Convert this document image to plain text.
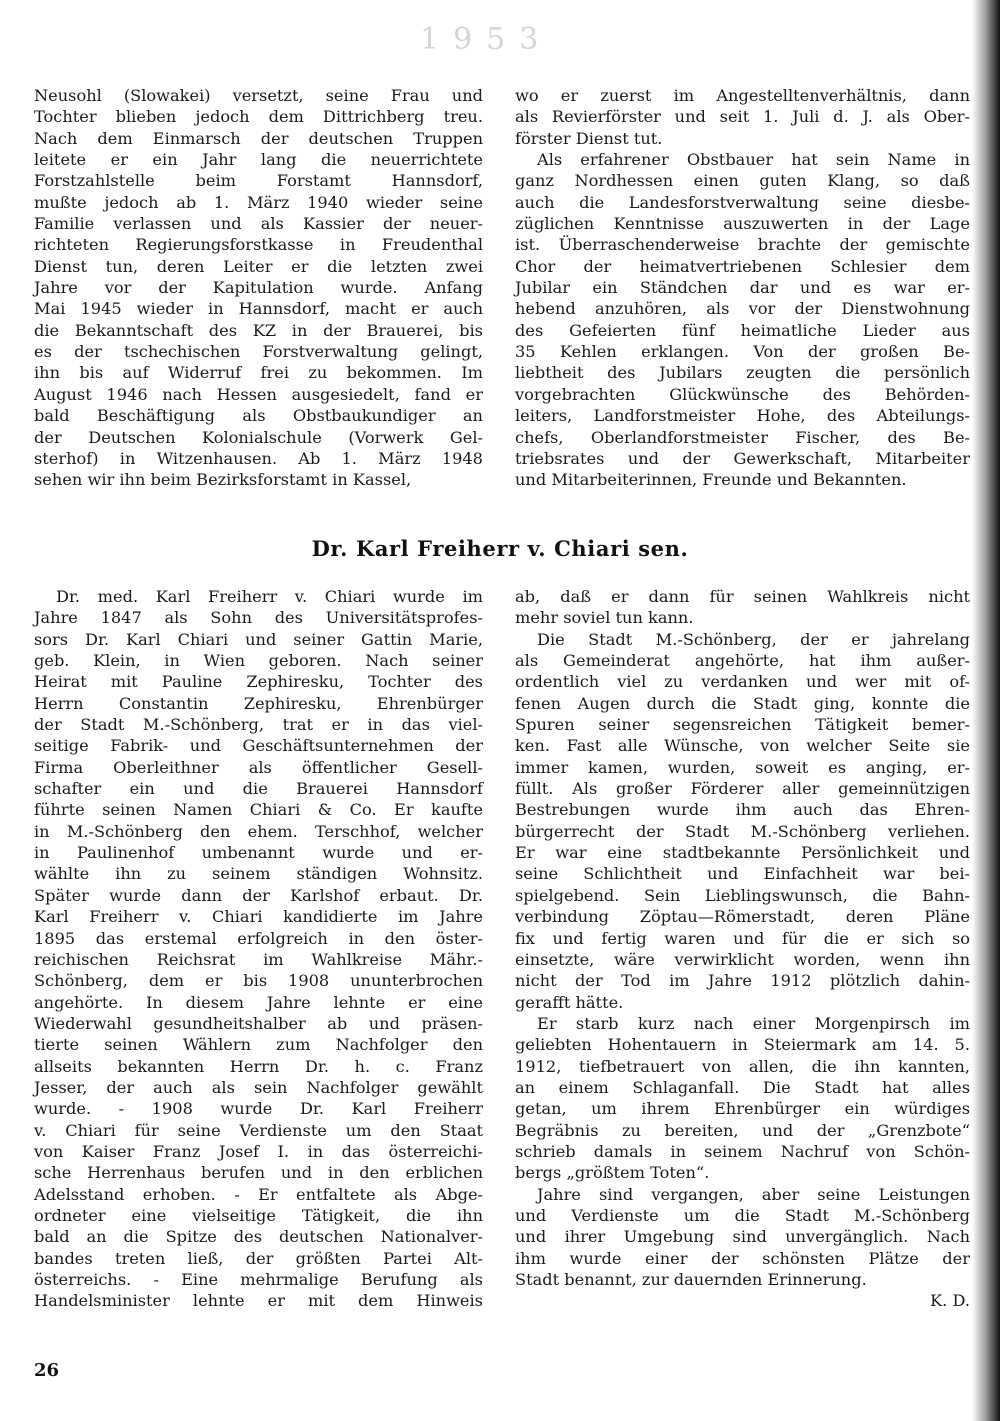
1953
Neusohl (Slowakei) versetzt, seine Frau und
Tochter blieben jedoch dem Dittrichberg treu.
Nach dem Einmarsch der deutschen Truppen
leitete er ein Jahr lang die neuerrichtete
Forstzahlstelle beim Forstamt Hannsdorf,
mußte jedoch ab 1. März 1940 wieder seine
Familie verlassen und als Kassier der neuer-
richteten Regierungsforstkasse in Freudenthal
Dienst tun, deren Leiter er die letzten zwei
Jahre vor der Kapitulation wurde. Anfang
Mai 1945 wieder in Hannsdorf, macht er auch
die Bekanntschaft des KZ in der Brauerei, bis
es der tschechischen Forstverwaltung gelingt,
ihn bis auf Widerruf frei zu bekommen. Im
August 1946 nach Hessen ausgesiedelt, fand er
bald Beschäftigung als Obstbaukundiger an
der Deutschen Kolonialschule (Vorwerk Gel-
sterhof) in Witzenhausen. Ab 1. März 1948
sehen wir ihn beim Bezirksforstamt in Kassel,
wo er zuerst im Angestelltenverhältnis, dann
als Revierförster und seit 1. Juli d. J. als Ober-
förster Dienst tut.
Als erfahrener Obstbauer hat sein Name in
ganz Nordhessen einen guten Klang, so daß
auch die Landesforstverwaltung seine diesbe-
züglichen Kenntnisse auszuwerten in der Lage
ist. Überraschenderweise brachte der gemischte
Chor der heimatvertriebenen Schlesier dem
Jubilar ein Ständchen dar und es war er-
hebend anzuhören, als vor der Dienstwohnung
des Gefeierten fünf heimatliche Lieder aus
35 Kehlen erklangen. Von der großen Be-
liebtheit des Jubilars zeugten die persönlich
vorgebrachten Glückwünsche des Behörden-
leiters, Landforstmeister Hohe, des Abteilungs-
chefs, Oberlandforstmeister Fischer, des Be-
triebsrates und der Gewerkschaft, Mitarbeiter
und Mitarbeiterinnen, Freunde und Bekannten.
Dr. Karl Freiherr v. Chiari sen.
Dr. med. Karl Freiherr v. Chiari wurde im
Jahre 1847 als Sohn des Universitätsprofes-
sors Dr. Karl Chiari und seiner Gattin Marie,
geb. Klein, in Wien geboren. Nach seiner
Heirat mit Pauline Zephiresku, Tochter des
Herrn Constantin Zephiresku, Ehrenbürger
der Stadt M.-Schönberg, trat er in das viel-
seitige Fabrik- und Geschäftsunternehmen der
Firma Oberleithner als öffentlicher Gesell-
schafter ein und die Brauerei Hannsdorf
führte seinen Namen Chiari & Co. Er kaufte
in M.-Schönberg den ehem. Terschhof, welcher
in Paulinenhof umbenannt wurde und er-
wählte ihn zu seinem ständigen Wohnsitz.
Später wurde dann der Karlshof erbaut. Dr.
Karl Freiherr v. Chiari kandidierte im Jahre
1895 das erstemal erfolgreich in den öster-
reichischen Reichsrat im Wahlkreise Mähr.-
Schönberg, dem er bis 1908 ununterbrochen
angehörte. In diesem Jahre lehnte er eine
Wiederwahl gesundheitshalber ab und präsen-
tierte seinen Wählern zum Nachfolger den
allseits bekannten Herrn Dr. h. c. Franz
Jesser, der auch als sein Nachfolger gewählt
wurde. - 1908 wurde Dr. Karl Freiherr
v. Chiari für seine Verdienste um den Staat
von Kaiser Franz Josef I. in das österreichi-
sche Herrenhaus berufen und in den erblichen
Adelsstand erhoben. - Er entfaltete als Abge-
ordneter eine vielseitige Tätigkeit, die ihn
bald an die Spitze des deutschen Nationalver-
bandes treten ließ, der größten Partei Alt-
österreichs. - Eine mehrmalige Berufung als
Handelsminister lehnte er mit dem Hinweis
ab, daß er dann für seinen Wahlkreis nicht
mehr soviel tun kann.
Die Stadt M.-Schönberg, der er jahrelang
als Gemeinderat angehörte, hat ihm außer-
ordentlich viel zu verdanken und wer mit of-
fenen Augen durch die Stadt ging, konnte die
Spuren seiner segensreichen Tätigkeit bemer-
ken. Fast alle Wünsche, von welcher Seite sie
immer kamen, wurden, soweit es anging, er-
füllt. Als großer Förderer aller gemeinnützigen
Bestrebungen wurde ihm auch das Ehren-
bürgerrecht der Stadt M.-Schönberg verliehen.
Er war eine stadtbekannte Persönlichkeit und
seine Schlichtheit und Einfachheit war bei-
spielgebend. Sein Lieblingswunsch, die Bahn-
verbindung Zöptau—Römerstadt, deren Pläne
fix und fertig waren und für die er sich so
einsetzte, wäre verwirklicht worden, wenn ihn
nicht der Tod im Jahre 1912 plötzlich dahin-
gerafft hätte.
Er starb kurz nach einer Morgenpirsch im
geliebten Hohentauern in Steiermark am 14. 5.
1912, tiefbetrauert von allen, die ihn kannten,
an einem Schlaganfall. Die Stadt hat alles
getan, um ihrem Ehrenbürger ein würdiges
Begräbnis zu bereiten, und der „Grenzbote“
schrieb damals in seinem Nachruf von Schön-
bergs „größtem Toten“.
Jahre sind vergangen, aber seine Leistungen
und Verdienste um die Stadt M.-Schönberg
und ihrer Umgebung sind unvergänglich. Nach
ihm wurde einer der schönsten Plätze der
Stadt benannt, zur dauernden Erinnerung.
K. D.
26
